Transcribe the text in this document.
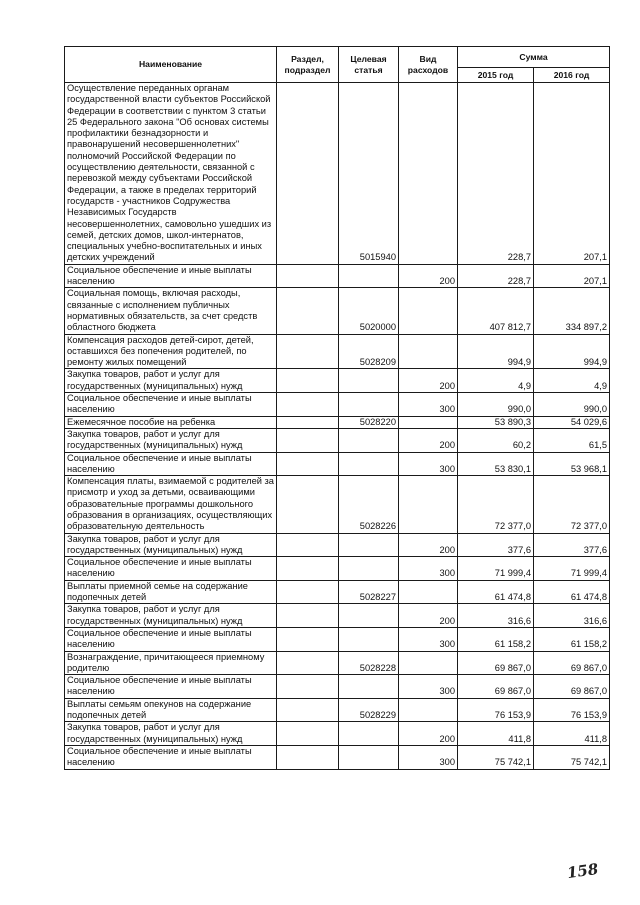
Наименование	Раздел, подраздел	Целевая статья	Вид расходов	Сумма	
				2015 год	2016 год
Осуществление переданных органам государственной власти субъектов Российской Федерации в соответствии с пунктом 3 статьи 25 Федерального закона "Об основах системы профилактики безнадзорности и правонарушений несовершеннолетних" полномочий Российской Федерации по осуществлению деятельности, связанной с перевозкой между субъектами Российской Федерации, а также в пределах территорий государств - участников Содружества Независимых Государств несовершеннолетних, самовольно ушедших из семей, детских домов, школ-интернатов, специальных учебно-воспитательных и иных детских учреждений		5015940		228,7	207,1
Социальное обеспечение и иные выплаты населению			200	228,7	207,1
Социальная помощь, включая расходы, связанные с исполнением публичных нормативных обязательств, за счет средств областного бюджета		5020000		407 812,7	334 897,2
Компенсация расходов детей-сирот, детей, оставшихся без попечения родителей, по ремонту жилых помещений		5028209		994,9	994,9
Закупка товаров, работ и услуг для государственных (муниципальных) нужд			200	4,9	4,9
Социальное обеспечение и иные выплаты населению			300	990,0	990,0
Ежемесячное пособие на ребенка		5028220		53 890,3	54 029,6
Закупка товаров, работ и услуг для государственных (муниципальных) нужд			200	60,2	61,5
Социальное обеспечение и иные выплаты населению			300	53 830,1	53 968,1
Компенсация платы, взимаемой с родителей за присмотр и уход за детьми, осваивающими образовательные программы дошкольного образования в организациях, осуществляющих образовательную деятельность		5028226		72 377,0	72 377,0
Закупка товаров, работ и услуг для государственных (муниципальных) нужд			200	377,6	377,6
Социальное обеспечение и иные выплаты населению			300	71 999,4	71 999,4
Выплаты приемной семье на содержание подопечных детей		5028227		61 474,8	61 474,8
Закупка товаров, работ и услуг для государственных (муниципальных) нужд			200	316,6	316,6
Социальное обеспечение и иные выплаты населению			300	61 158,2	61 158,2
Вознаграждение, причитающееся приемному родителю		5028228		69 867,0	69 867,0
Социальное обеспечение и иные выплаты населению			300	69 867,0	69 867,0
Выплаты семьям опекунов на содержание подопечных детей		5028229		76 153,9	76 153,9
Закупка товаров, работ и услуг для государственных (муниципальных) нужд			200	411,8	411,8
Социальное обеспечение и иные выплаты населению			300	75 742,1	75 742,1
158
